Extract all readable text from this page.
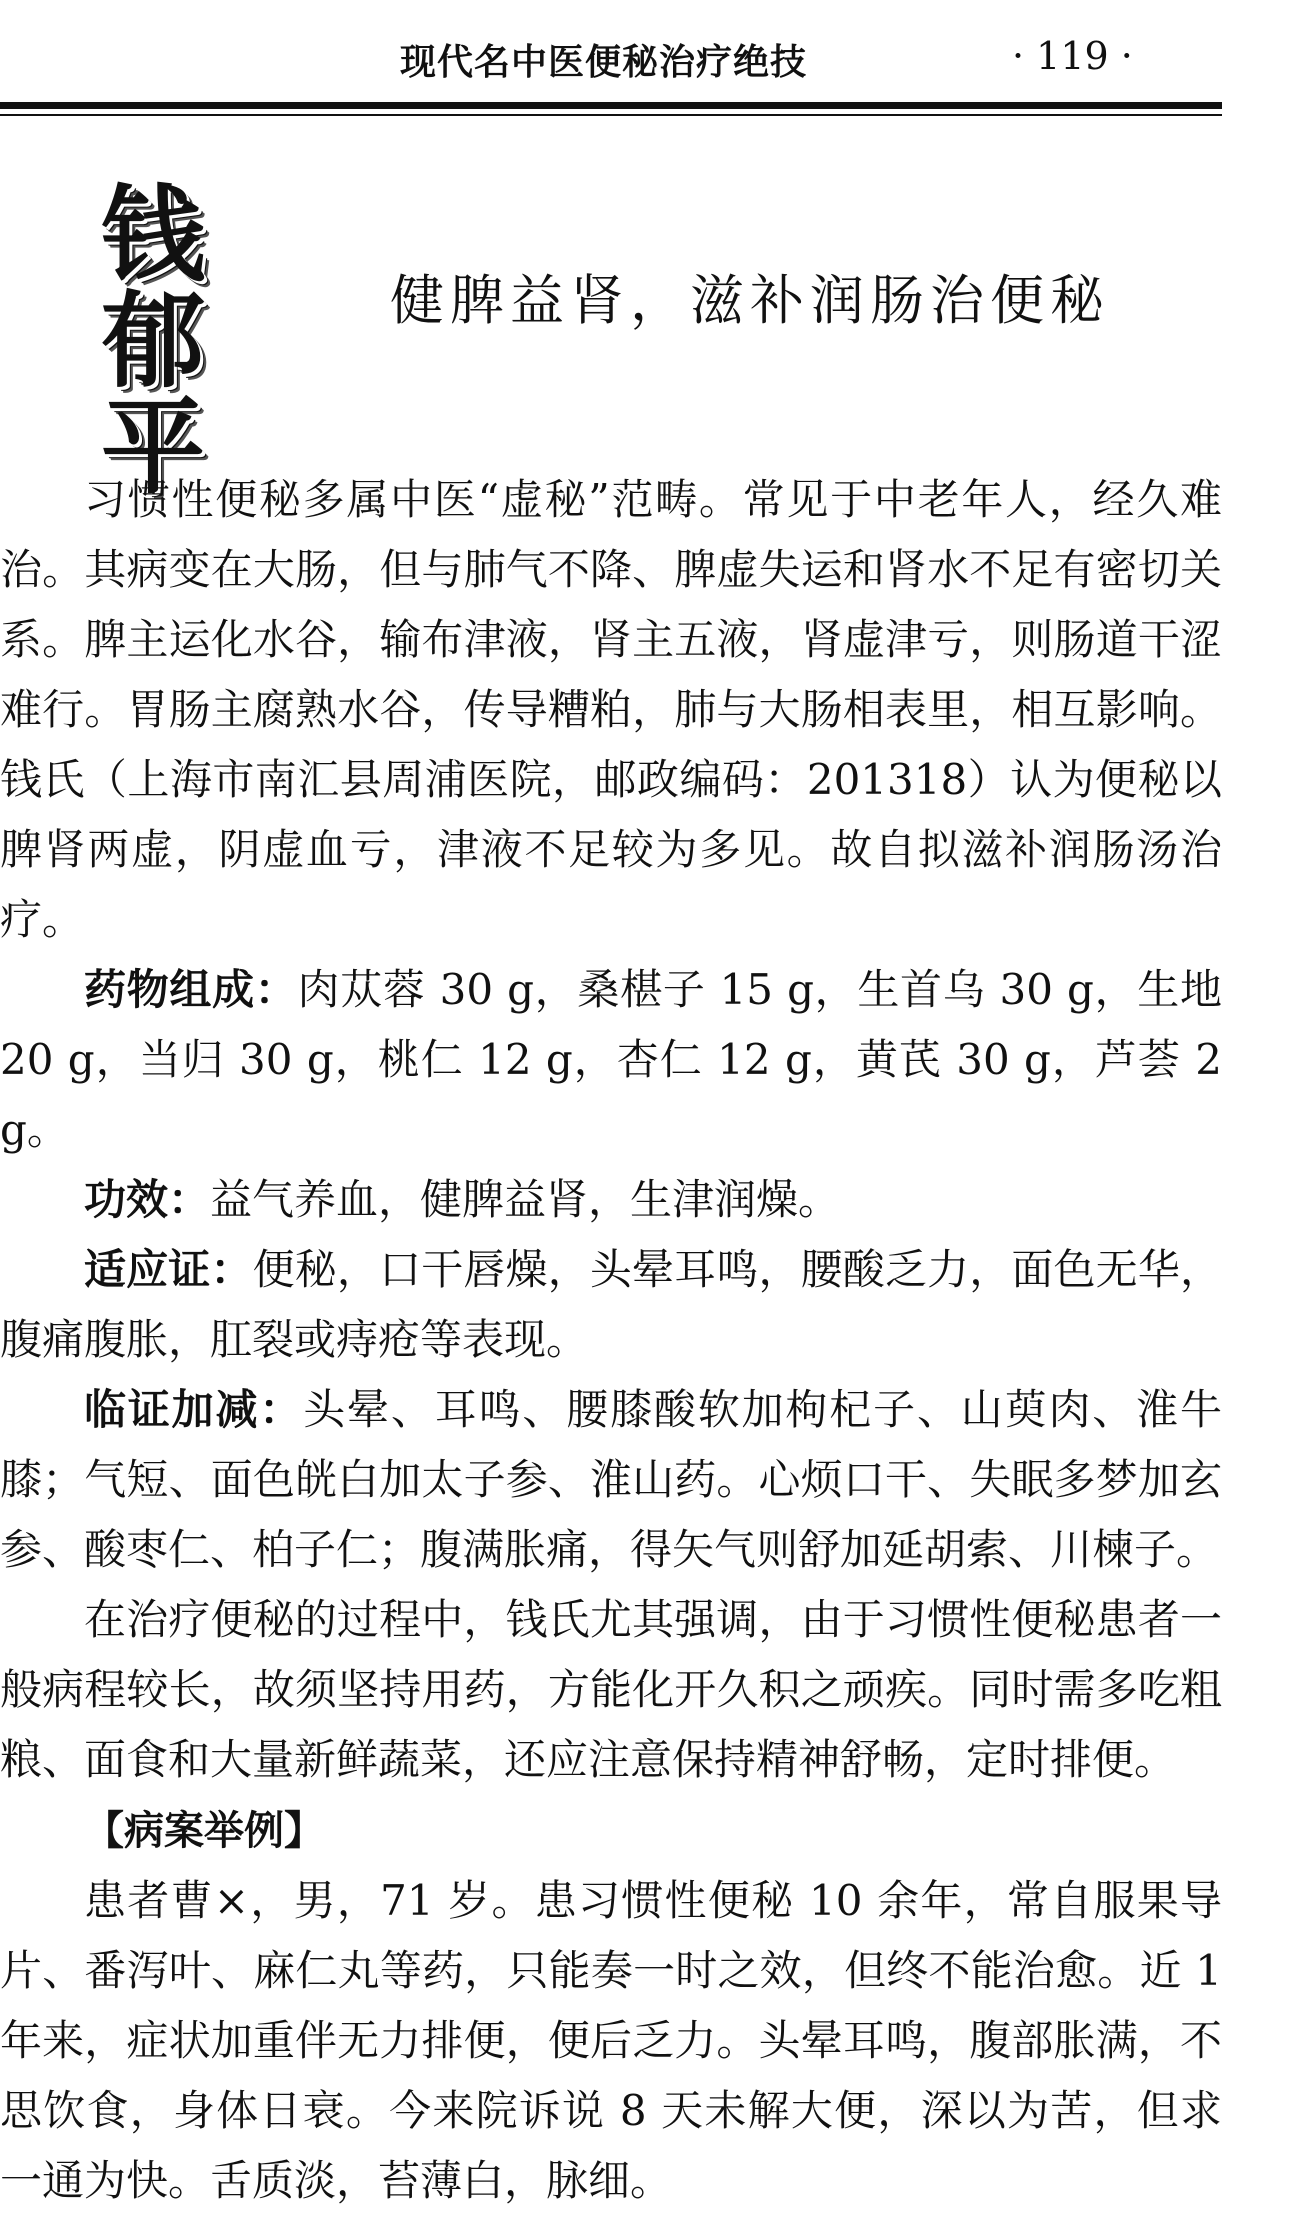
现代名中医便秘治疗绝技	· 119 ·
钱
郁
平
健脾益肾，滋补润肠治便秘

习惯性便秘多属中医“虚秘”范畴。常见于中老年人，经久难治。其病变在大肠，但与肺气不降、脾虚失运和肾水不足有密切关系。脾主运化水谷，输布津液，肾主五液，肾虚津亏，则肠道干涩难行。胃肠主腐熟水谷，传导糟粕，肺与大肠相表里，相互影响。钱氏（上海市南汇县周浦医院，邮政编码：201318）认为便秘以脾肾两虚，阴虚血亏，津液不足较为多见。故自拟滋补润肠汤治疗。

药物组成：肉苁蓉 30 g，桑椹子 15 g，生首乌 30 g，生地 20 g，当归 30 g，桃仁 12 g，杏仁 12 g，黄芪 30 g，芦荟 2 g。

功效：益气养血，健脾益肾，生津润燥。

适应证：便秘，口干唇燥，头晕耳鸣，腰酸乏力，面色无华，腹痛腹胀，肛裂或痔疮等表现。

临证加减：头晕、耳鸣、腰膝酸软加枸杞子、山萸肉、淮牛膝；气短、面色㿠白加太子参、淮山药。心烦口干、失眠多梦加玄参、酸枣仁、柏子仁；腹满胀痛，得矢气则舒加延胡索、川楝子。

在治疗便秘的过程中，钱氏尤其强调，由于习惯性便秘患者一般病程较长，故须坚持用药，方能化开久积之顽疾。同时需多吃粗粮、面食和大量新鲜蔬菜，还应注意保持精神舒畅，定时排便。

【病案举例】

患者曹×，男，71 岁。患习惯性便秘 10 余年，常自服果导片、番泻叶、麻仁丸等药，只能奏一时之效，但终不能治愈。近 1 年来，症状加重伴无力排便，便后乏力。头晕耳鸣，腹部胀满，不思饮食，身体日衰。今来院诉说 8 天未解大便，深以为苦，但求一通为快。舌质淡，苔薄白，脉细。
